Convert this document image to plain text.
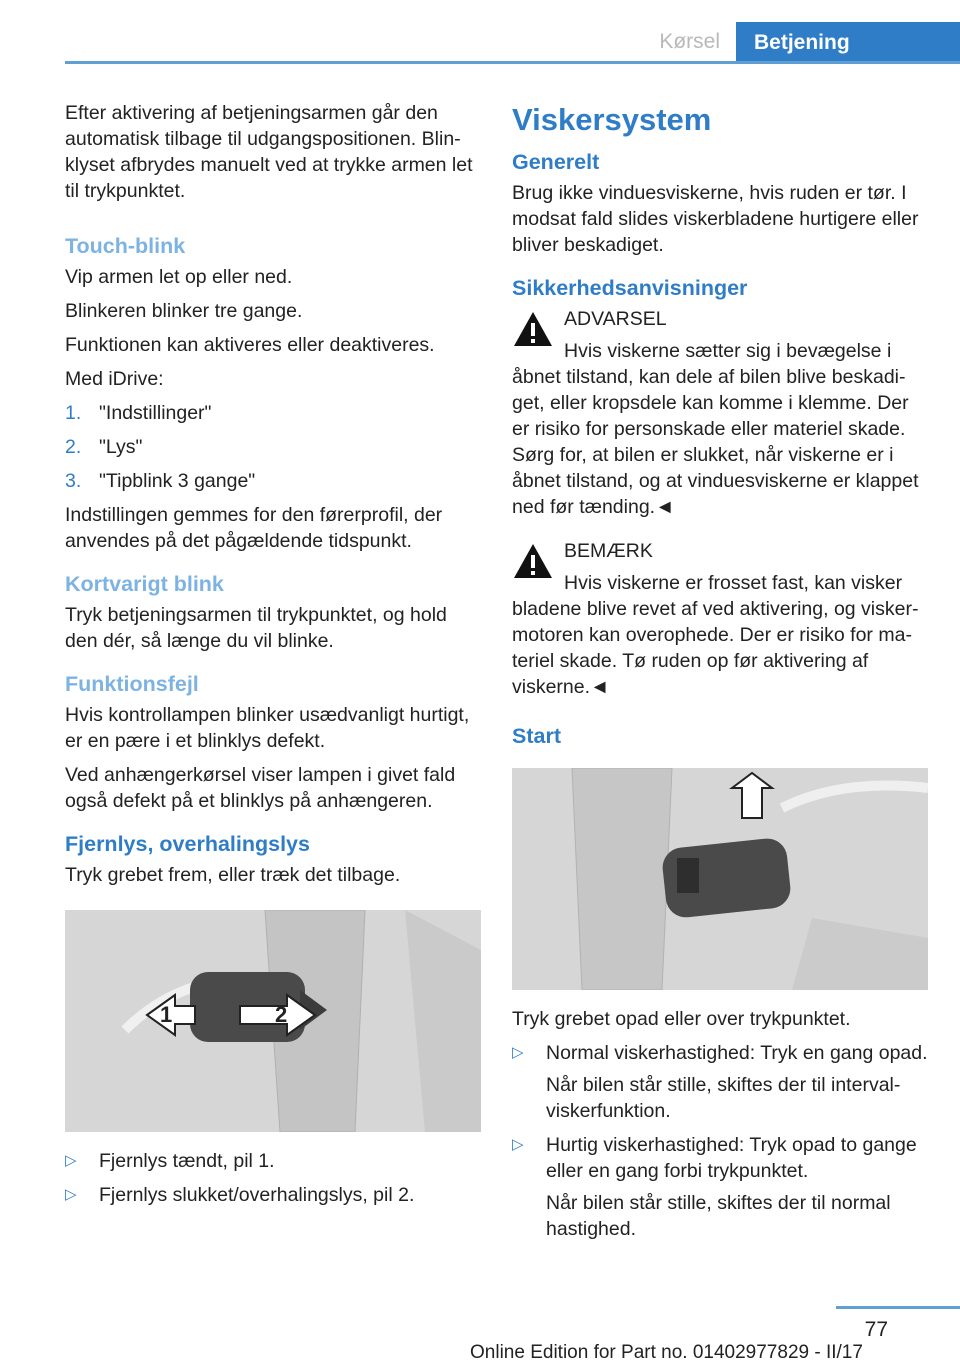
Kørsel	Betjening

Efter aktivering af betjeningsarmen går den automatisk tilbage til udgangspositionen. Blinklyset afbrydes manuelt ved at trykke armen let til trykpunktet.

Touch-blink

Vip armen let op eller ned.

Blinkeren blinker tre gange.

Funktionen kan aktiveres eller deaktiveres.

Med iDrive:

1. "Indstillinger"
2. "Lys"
3. "Tipblink 3 gange"

Indstillingen gemmes for den førerprofil, der anvendes på det pågældende tidspunkt.

Kortvarigt blink

Tryk betjeningsarmen til trykpunktet, og hold den dér, så længe du vil blinke.

Funktionsfejl

Hvis kontrollampen blinker usædvanligt hurtigt, er en pære i et blinklys defekt.

Ved anhængerkørsel viser lampen i givet fald også defekt på et blinklys på anhængeren.

Fjernlys, overhalingslys

Tryk grebet frem, eller træk det tilbage.

1	2
▷ Fjernlys tændt, pil 1.
▷ Fjernlys slukket/overhalingslys, pil 2.
Viskersystem
Generelt

Brug ikke vinduesviskerne, hvis ruden er tør. I modsat fald slides viskerbladene hurtigere eller bliver beskadiget.

Sikkerhedsanvisninger
ADVARSEL
Hvis viskerne sætter sig i bevægelse i
åbnet tilstand, kan dele af bilen blive beskadiget, eller kropsdele kan komme i klemme. Der er risiko for personskade eller materiel skade. Sørg for, at bilen er slukket, når viskerne er i åbnet tilstand, og at vinduesviskerne er klappet ned før tænding.◄
BEMÆRK
Hvis viskerne er frosset fast, kan visker
bladene blive revet af ved aktivering, og viskermotoren kan overophede. Der er risiko for materiel skade. Tø ruden op før aktivering af viskerne.◄
Start

Tryk grebet opad eller over trykpunktet.

▷ Normal viskerhastighed: Tryk en gang opad.

Når bilen står stille, skiftes der til intervalviskerfunktion.

▷ Hurtig viskerhastighed: Tryk opad to gange eller en gang forbi trykpunktet.

Når bilen står stille, skiftes der til normal hastighed.

77
Online Edition for Part no. 01402977829 - II/17
